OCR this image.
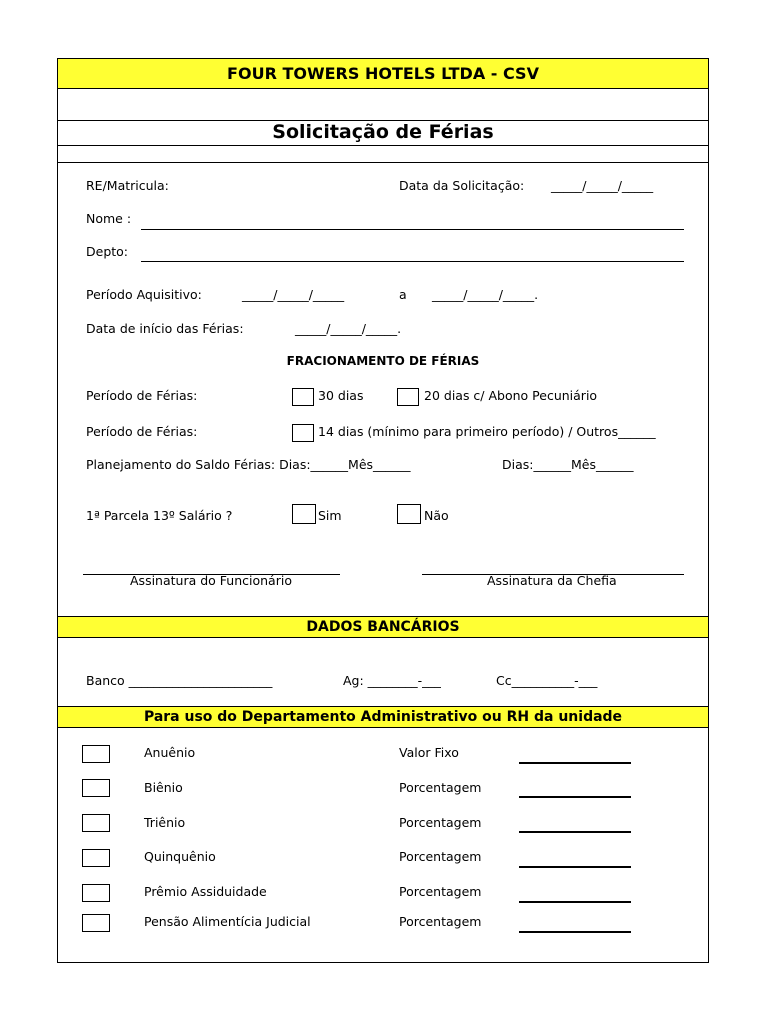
FOUR TOWERS HOTELS LTDA - CSV
Solicitação de Férias
RE/Matricula:	Data da Solicitação: _____/_____/_____
Nome :
Depto:
Período Aquisitivo:	_____/_____/_____	a _____/_____/_____.
Data de início das Férias:	_____/_____/_____.
FRACIONAMENTO DE FÉRIAS
Período de Férias:	30 dias	20 dias c/ Abono Pecuniário
Período de Férias:	14 dias (mínimo para primeiro período) / Outros______
Planejamento do Saldo Férias: Dias:______Mês______	Dias:______Mês______
1ª Parcela 13º Salário ?	Sim	Não
Assinatura do Funcionário	Assinatura da Chefia
DADOS BANCÁRIOS
Banco _______________________	Ag: ________-___	Cc__________-___
Para uso do Departamento Administrativo ou RH da unidade
Anuênio	Valor Fixo
Biênio	Porcentagem
Triênio	Porcentagem
Quinquênio	Porcentagem
Prêmio Assiduidade	Porcentagem
Pensão Alimentícia Judicial	Porcentagem
